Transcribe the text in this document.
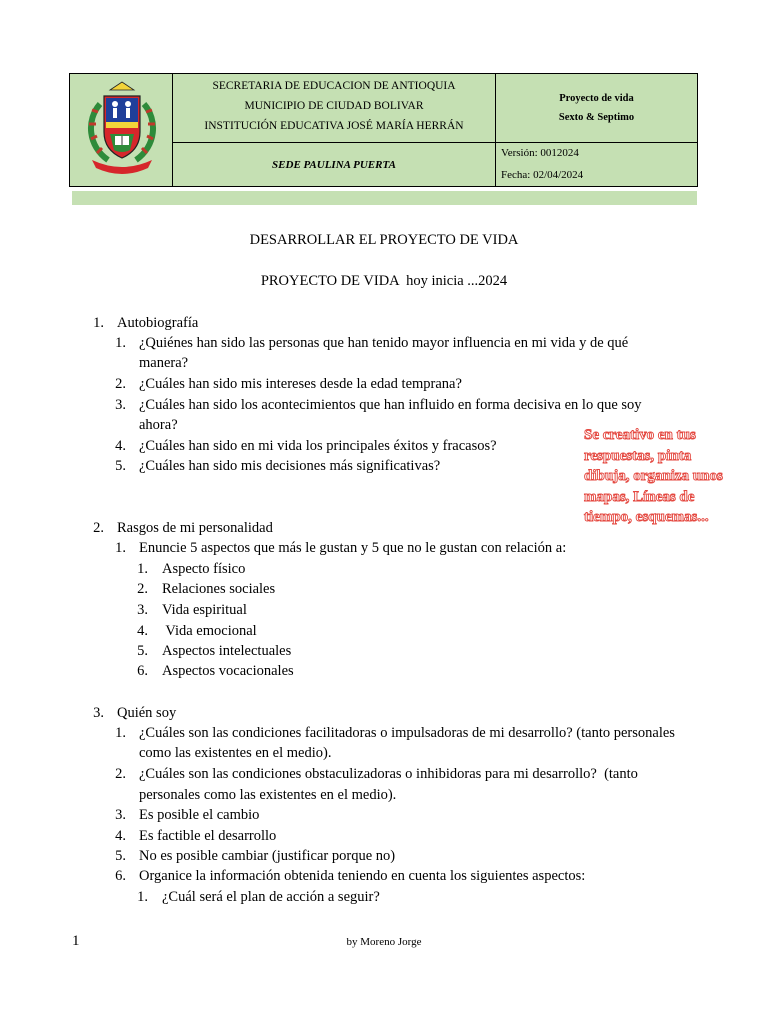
SECRETARIA DE EDUCACION DE ANTIOQUIA
MUNICIPIO DE CIUDAD BOLIVAR
INSTITUCIÓN EDUCATIVA JOSÉ MARÍA HERRÁN
Proyecto de vida
Sexto & Septimo
SEDE PAULINA PUERTA
Versión: 0012024
Fecha: 02/04/2024
DESARROLLAR EL PROYECTO DE VIDA
PROYECTO DE VIDA  hoy inicia ...2024
1. Autobiografía
1. ¿Quiénes han sido las personas que han tenido mayor influencia en mi vida y de qué
manera?
2. ¿Cuáles han sido mis intereses desde la edad temprana?
3. ¿Cuáles han sido los acontecimientos que han influido en forma decisiva en lo que soy
ahora?
4. ¿Cuáles han sido en mi vida los principales éxitos y fracasos?
5. ¿Cuáles han sido mis decisiones más significativas?
Se creativo en tus
respuestas, pinta
dibuja, organiza unos
mapas, Líneas de
tiempo, esquemas...
2. Rasgos de mi personalidad
1. Enuncie 5 aspectos que más le gustan y 5 que no le gustan con relación a:
1. Aspecto físico
2. Relaciones sociales
3. Vida espiritual
4. Vida emocional
5. Aspectos intelectuales
6. Aspectos vocacionales
3. Quién soy
1. ¿Cuáles son las condiciones facilitadoras o impulsadoras de mi desarrollo? (tanto personales
como las existentes en el medio).
2. ¿Cuáles son las condiciones obstaculizadoras o inhibidoras para mi desarrollo?  (tanto
personales como las existentes en el medio).
3. Es posible el cambio
4. Es factible el desarrollo
5. No es posible cambiar (justificar porque no)
6. Organice la información obtenida teniendo en cuenta los siguientes aspectos:
1. ¿Cuál será el plan de acción a seguir?
1	by Moreno Jorge
